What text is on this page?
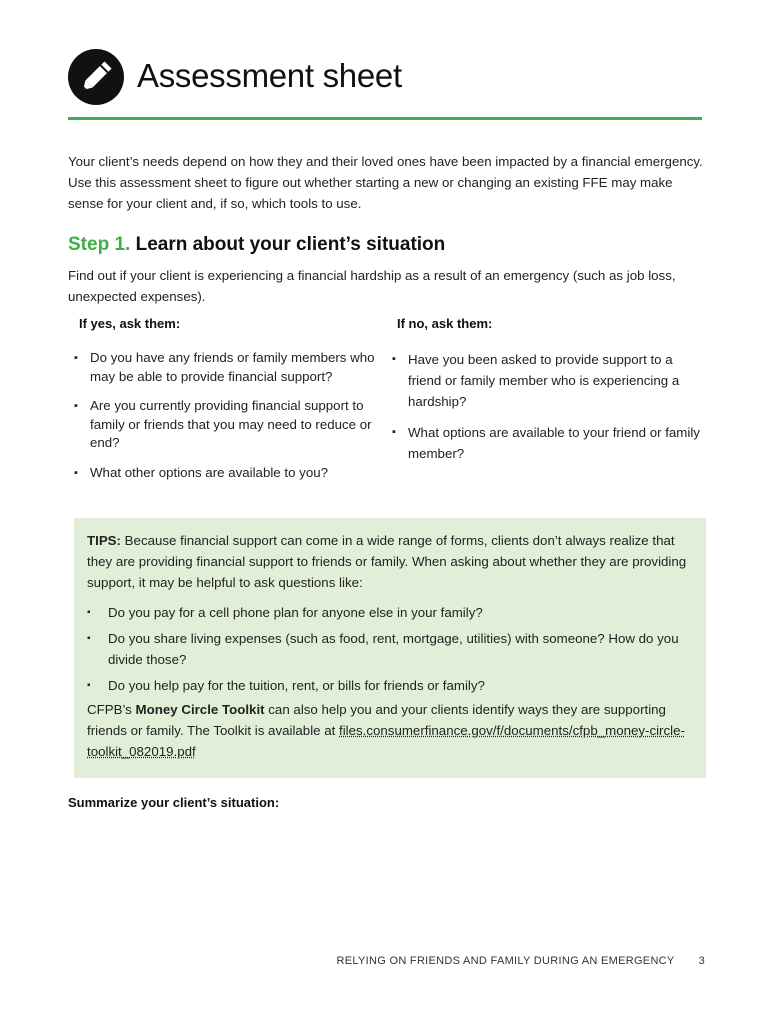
Assessment sheet

Your client’s needs depend on how they and their loved ones have been impacted by a financial emergency. Use this assessment sheet to figure out whether starting a new or changing an existing FFE may make sense for your client and, if so, which tools to use.

Step 1. Learn about your client’s situation

Find out if your client is experiencing a financial hardship as a result of an emergency (such as job loss, unexpected expenses).

If yes, ask them:
▪ Do you have any friends or family members who may be able to provide financial support?
▪ Are you currently providing financial support to family or friends that you may need to reduce or end?
▪ What other options are available to you?
If no, ask them:
▪ Have you been asked to provide support to a friend or family member who is experiencing a hardship?
▪ What options are available to your friend or family member?

TIPS: Because financial support can come in a wide range of forms, clients don’t always realize that they are providing financial support to friends or family. When asking about whether they are providing support, it may be helpful to ask questions like:

▪ Do you pay for a cell phone plan for anyone else in your family?
▪ Do you share living expenses (such as food, rent, mortgage, utilities) with someone? How do you divide those?
▪ Do you help pay for the tuition, rent, or bills for friends or family?

CFPB’s Money Circle Toolkit can also help you and your clients identify ways they are supporting friends or family. The Toolkit is available at files.consumerfinance.gov/f/documents/cfpb_money-circle-toolkit_082019.pdf

Summarize your client’s situation:
RELYING ON FRIENDS AND FAMILY DURING AN EMERGENCY 3
